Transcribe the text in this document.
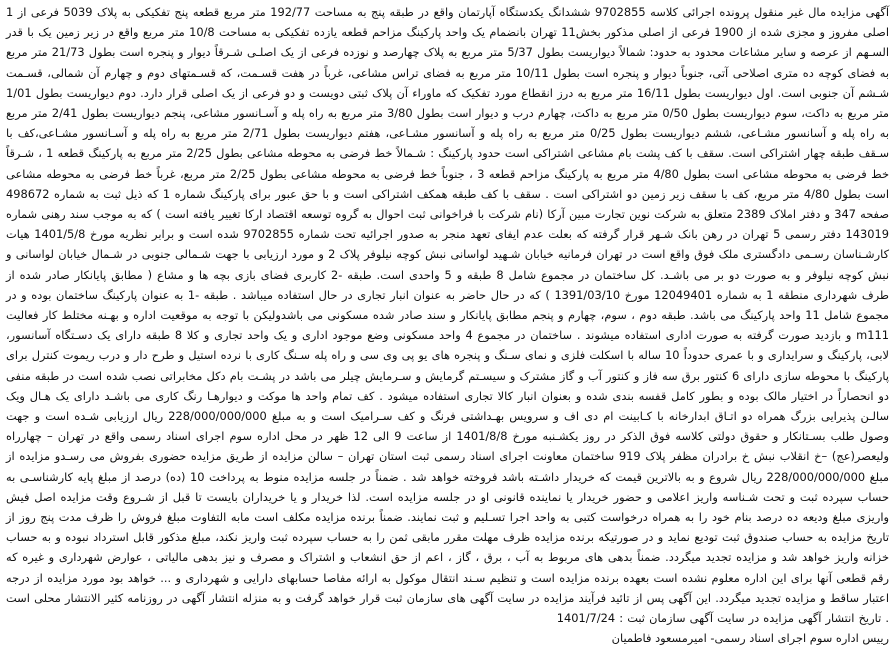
آگهی مزایده مال غیر منقول پرونده اجرائی کلاسه 9702855 ششدانگ یکدستگاه آپارتمان واقع در طبقه پنج به مساحت 192/77 متر مربع قطعه پنج تفکیکی به پلاک 5039 فرعی از 1 اصلی مفروز و مجزی شده از 1900 فرعی از اصلی مذکور بخش11 تهران بانضمام یک واحد پارکینگ مزاحم قطعه یازده تفکیکی به مساحت 10/8 متر مربع واقع در زیر زمین یک با قدر السـهم از عرصه و سایر مشاعات محدود به حدود: شمالاً دیواریست بطول 5/37 متر مربع به پلاک چهارصد و نوزده فرعی از یک اصلـی شـرقاً دیوار و پنجره است بطول 21/73 متر مربع به فضای کوچه ده متری اصلاحی آتی، جنوباً دیوار و پنجره است بطول 10/11 متر مربع به فضای تراس مشاعی، غرباً در هفت قسـمت، که قسـمتهای دوم و چهارم آن شمالی، قسـمت شـشم آن جنوبی است. اول دیواریست بطول 16/11 متر مربع به درز انقطاع مورد تفکیک که ماوراء آن پلاک ثبتی دویست و دو فرعی از یک اصلی قرار دارد. دوم دیواریست بطول 1/01 متر مربع به داکت، سوم دیواریست بطول 0/50 متر مربع به داکت، چهارم درب و دیوار است بطول 3/80 متر مربع به راه پله و آسـانسور مشاعی، پنجم دیواریست بطول 2/41 متر مربع به راه پله و آسانسور مشـاعی، ششم دیواریست بطول 0/25 متر مربع به راه پله و آسانسور مشـاعی، هفتم دیواریست بطول 2/71 متر مربع به راه پله و آسـانسور مشـاعی،کف با سـقف طبقه چهار اشتراکی است. سقف با کف پشت بام مشاعی اشتراکی است حدود پارکینگ : شـمالاً خط فرضی به محوطه مشاعی بطول 2/25 متر مربع به پارکینگ قطعه 1 ، شـرقاً خط فرضی به محوطه مشاعی است بطول 4/80 متر مربع به پارکینگ مزاحم قطعه 3 ، جنوباً خط فرضی به محوطه مشاعی بطول 2/25 متر مربع، غرباً خط فرضی به محوطه مشاعی است بطول 4/80 متر مربع، کف با سقف زیر زمین دو اشتراکی است . سقف با کف طبقه همکف اشتراکی است و با حق عبور برای پارکینگ شماره 1 که ذیل ثبت به شماره 498672 صفحه 347 و دفتر املاک 2389 متعلق به شرکت نوین تجارت مبین آرکا (نام شرکت با فراخوانی ثبت احوال به گروه توسعه اقتصاد ارکا تغییر یافته است ) که به موجب سند رهنی شماره 143019 دفتر رسمی 5 تهران در رهن بانک شـهر قرار گرفته که بعلت عدم ایفای تعهد منجر به صدور اجرائیه تحت شماره 9702855 شده است و برابر نظریه مورخ 1401/5/8 هیات کارشـناسان رسـمی دادگستری ملک فوق واقع است در تهران فرمانیه خیابان شـهید لواسانی نبش کوچه نیلوفر پلاک 2 و مورد ارزیابی با جهت شـمالی جنوبی در شـمال خیابان لواسانی و نبش کوچه نیلوفر و به صورت دو بر می باشـد. کل ساختمان در مجموع شامل 8 طبقه و 5 واحدی است. طبقه -2 کاربری فضای بازی بچه ها و مشاع ( مطابق پایانکار صادر شده از طرف شهرداری منطقه 1 به شماره 12049401 مورخ 1391/03/10 ) که در حال حاضر به عنوان انبار تجاری در حال استفاده میباشد . طبقه -1 به عنوان پارکینگ ساختمان بوده و در مجموع شامل 11 واحد پارکینگ می باشد. طبقه دوم ، سوم، چهارم و پنجم مطابق پایانکار و سند صادر شده مسکونی می باشدولیکن با توجه به موقعیت اداره و بهـنه مختلط کار فعالیت m111 و بازدید صورت گرفته به صورت اداری استفاده میشوند . ساختمان در مجموع 4 واحد مسکونی وضع موجود اداری و یک واحد تجاری و کلا 8 طبقه دارای یک دسـتگاه آسانسور، لابی، پارکینگ و سرایداری و با عمری حدوداً 10 ساله با اسکلت فلزی و نمای سـنگ و پنجره های یو پی وی سی و راه پله سـنگ کاری با نرده استیل و طرح دار و درب ریموت کنترل برای پارکینگ با محوطه سازی دارای 6 کنتور برق سه فاز و کنتور آب و گاز مشترک و سیسـتم گرمایش و سـرمایش چیلر می باشد در پشـت بام دکل مخابراتی نصب شده است در طبقه منفی دو انحصاراً در اختیار مالک بوده و بطور کامل قفسه بندی شده و بعنوان انبار کالا تجاری استفاده میشود . کف تمام واحد ها موکت و دیوارهـا رنگ کاری می باشـد دارای یک هـال ویک سالـن پذیرایی بزرگ همراه دو اتـاق ابدارخانه با کـابینت ام دی اف و سرویس بهـداشتی فرنگ و کف سـرامیک است و به مبلغ 228/000/000/000 ریال ارزیابی شـده است و جهت وصول طلب بسـتانکار و حقوق دولتی کلاسه فوق الذکر در روز یکشـنبه مورخ 1401/8/8 از ساعت 9 الی 12 ظهر در محل اداره سوم اجرای اسناد رسمی واقع در تهران – چهارراه ولیعصر(عج) –خ انقلاب نبش خ برادران مظفر پلاک 919 ساختمان معاونت اجرای اسناد رسمی ثبت استان تهران – سالن مزایده از طریق مزایده حضوری بفروش می رسـدو مزایده از مبلغ 228/000/000/000 ریال شروع و به بالاترین قیمت که خریدار داشـته باشد فروخته خواهد شد . ضمناً در جلسه مزایده منوط به پرداخت 10 (ده) درصد از مبلغ پایه کارشناسـی به حساب سپرده ثبت و تحت شـناسه واریز اعلامی و حضور خریدار یا نماینده قانونی او در جلسه مزایده است. لذا خریدار و یا خریداران بایست تا قبل از شـروع وقت مزایده اصل فیش واریزی مبلغ ودیعه ده درصد بنام خود را به همراه درخواست کتبی به واحد اجرا تسـلیم و ثبت نمایند. ضمناً برنده مزایده مکلف است مابه التفاوت مبلغ فروش را ظرف مدت پنج روز از تاریخ مزایده به حساب صندوق ثبت توديع نماید و در صورتیکه برنده مزایده ظرف مهلت مقرر مابقی ثمن را به حساب سپرده ثبت واریز نکند، مبلغ مذکور قابل استرداد نبوده و به حساب خزانه واریز خواهد شد و مزایده تجدید میگردد. ضمناً بدهی های مربوط به آب ، برق ، گاز ، اعم از حق انشعاب و اشتراک و مصرف و نیز بدهی مالیاتی ، عوارض شهرداری و غیره که رقم قطعی آنها برای این اداره معلوم نشده است بعهده برنده مزایده است و تنظیم سـند انتقال موکول به ارائه مفاصا حسابهای دارایی و شهرداری و ... خواهد بود مورد مزایده از درجه اعتبار ساقط و مزایده تجدید میگردد. این آگهی پس از تائید فرآیند مزایده در سایت آگهی های سازمان ثبت قرار خواهد گرفت و به منزله انتشار آگهی در روزنامه کثیر الانتشار محلی است . تاریخ انتشار آگهی مزایده در سایت آگهی سازمان ثبت : 1401/7/24

رییس اداره سوم اجرای اسناد رسمی- امیرمسعود فاطمیان
